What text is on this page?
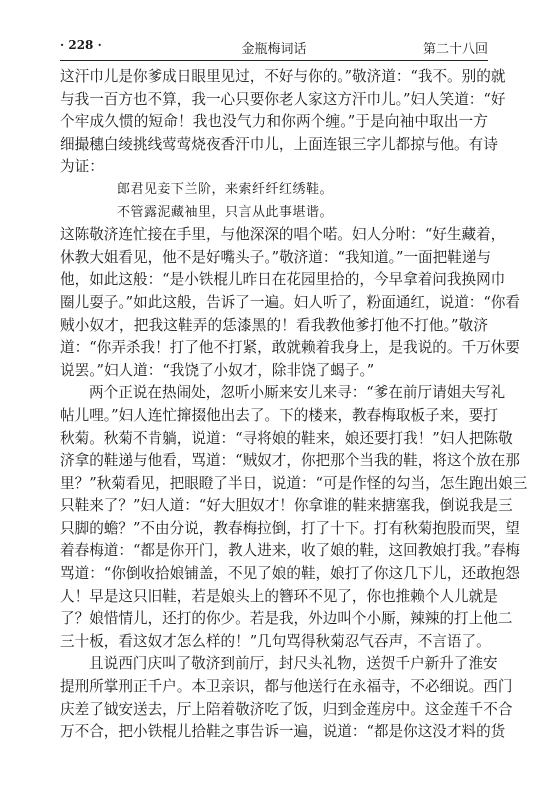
· 228 ·	金瓶梅词话	第二十八回
这汗巾儿是你爹成日眼里见过，不好与你的。”敬济道：“我不。别的就
与我一百方也不算，我一心只要你老人家这方汗巾儿。”妇人笑道：“好
个牢成久惯的短命！我也没气力和你两个缠。”于是向袖中取出一方
细撮穗白绫挑线莺莺烧夜香汗巾儿，上面连银三字儿都掠与他。有诗
为证：
郎君见妾下兰阶，来索纤纤红绣鞋。
不管露泥藏袖里，只言从此事堪谐。
这陈敬济连忙接在手里，与他深深的唱个喏。妇人分咐：“好生藏着，
休教大姐看见，他不是好嘴头子。”敬济道：“我知道。”一面把鞋递与
他，如此这般：“是小铁棍儿昨日在花园里拾的，今早拿着问我换网巾
圈儿耍子。”如此这般，告诉了一遍。妇人听了，粉面通红，说道：“你看
贼小奴才，把我这鞋弄的恁漆黑的！看我教他爹打他不打他。”敬济
道：“你弄杀我！打了他不打紧，敢就赖着我身上，是我说的。千万休要
说罢。”妇人道：“我饶了小奴才，除非饶了蝎子。”
两个正说在热闹处，忽听小厮来安儿来寻：“爹在前厅请姐夫写礼
帖儿哩。”妇人连忙撺掇他出去了。下的楼来，教春梅取板子来，要打
秋菊。秋菊不肯躺，说道：“寻将娘的鞋来，娘还要打我！”妇人把陈敬
济拿的鞋递与他看，骂道：“贼奴才，你把那个当我的鞋，将这个放在那
里？”秋菊看见，把眼瞪了半日，说道：“可是作怪的勾当，怎生跑出娘三
只鞋来了？”妇人道：“好大胆奴才！你拿谁的鞋来搪塞我，倒说我是三
只脚的蟾？”不由分说，教春梅拉倒，打了十下。打有秋菊抱股而哭，望
着春梅道：“都是你开门，教人进来，收了娘的鞋，这回教娘打我。”春梅
骂道：“你倒收拾娘铺盖，不见了娘的鞋，娘打了你这几下儿，还敢抱怨
人！早是这只旧鞋，若是娘头上的簪环不见了，你也推赖个人儿就是
了？娘惜情儿，还打的你少。若是我，外边叫个小厮，辣辣的打上他二
三十板，看这奴才怎么样的！”几句骂得秋菊忍气吞声，不言语了。
且说西门庆叫了敬济到前厅，封尺头礼物，送贺千户新升了淮安
提刑所掌刑正千户。本卫亲识，都与他送行在永福寺，不必细说。西门
庆差了钺安送去，厅上陪着敬济吃了饭，归到金莲房中。这金莲千不合
万不合，把小铁棍儿拾鞋之事告诉一遍，说道：“都是你这没才料的货
